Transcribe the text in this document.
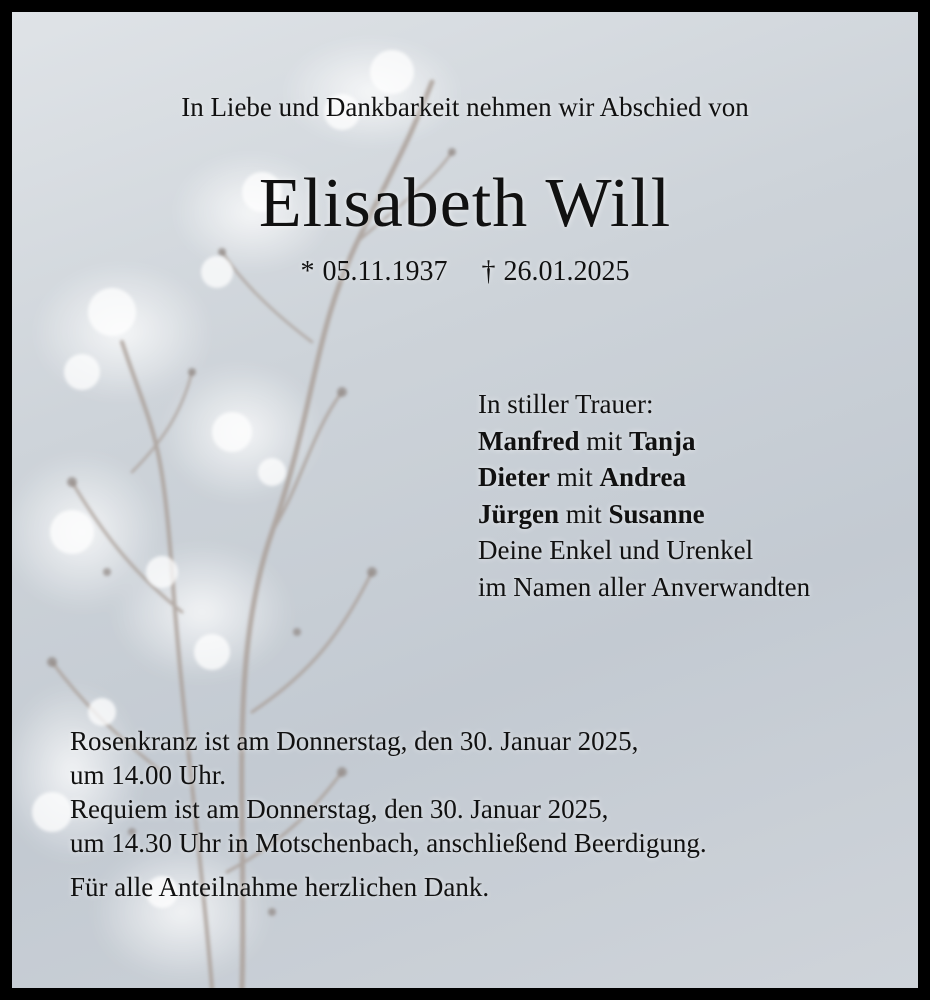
In Liebe und Dankbarkeit nehmen wir Abschied von
Elisabeth Will
* 05.11.1937 † 26.01.2025
In stiller Trauer:
Manfred mit Tanja
Dieter mit Andrea
Jürgen mit Susanne
Deine Enkel und Urenkel
im Namen aller Anverwandten
Rosenkranz ist am Donnerstag, den 30. Januar 2025,
um 14.00 Uhr.
Requiem ist am Donnerstag, den 30. Januar 2025,
um 14.30 Uhr in Motschenbach, anschließend Beerdigung.
Für alle Anteilnahme herzlichen Dank.
